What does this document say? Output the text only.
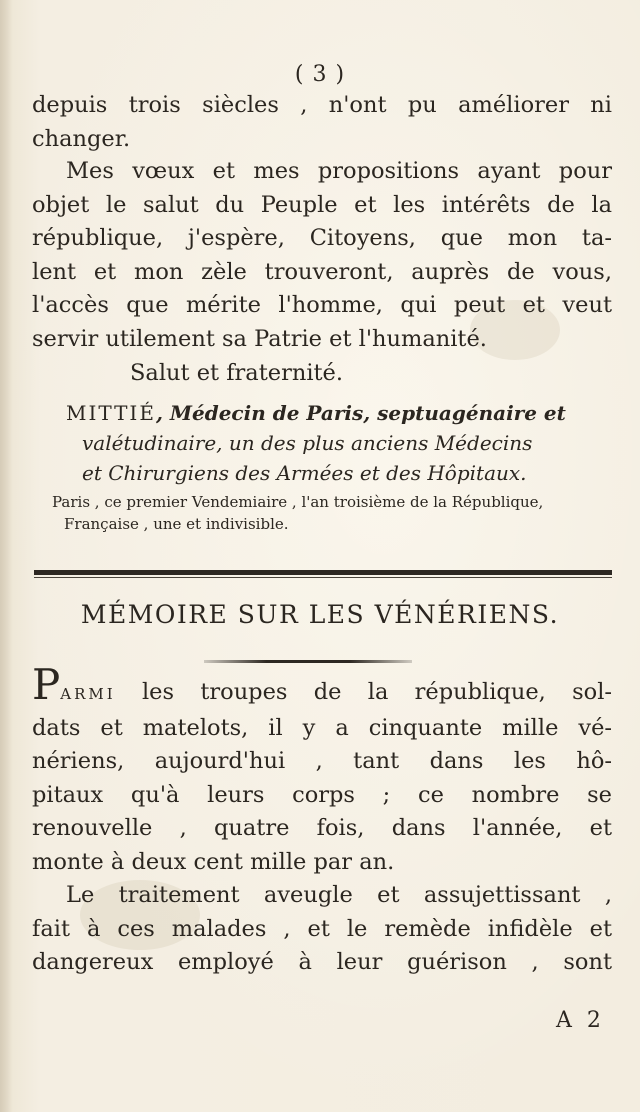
( 3 )
depuis trois siècles , n'ont pu améliorer ni
changer.
Mes vœux et mes propositions ayant pour
objet le salut du Peuple et les intérêts de la
république, j'espère, Citoyens, que mon ta-
lent et mon zèle trouveront, auprès de vous,
l'accès que mérite l'homme, qui peut et veut
servir utilement sa Patrie et l'humanité.
Salut et fraternité.
MITTIÉ, Médecin de Paris, septuagénaire et
valétudinaire, un des plus anciens Médecins
et Chirurgiens des Armées et des Hôpitaux.
Paris , ce premier Vendemiaire , l'an troisième de la République,
Française , une et indivisible.
MÉMOIRE SUR LES VÉNÉRIENS.
PARMI les troupes de la république, sol-
dats et matelots, il y a cinquante mille vé-
nériens, aujourd'hui , tant dans les hô-
pitaux qu'à leurs corps ; ce nombre se
renouvelle , quatre fois, dans l'année, et
monte à deux cent mille par an.
Le traitement aveugle et assujettissant ,
fait à ces malades , et le remède infidèle et
dangereux employé à leur guérison , sont
A 2
